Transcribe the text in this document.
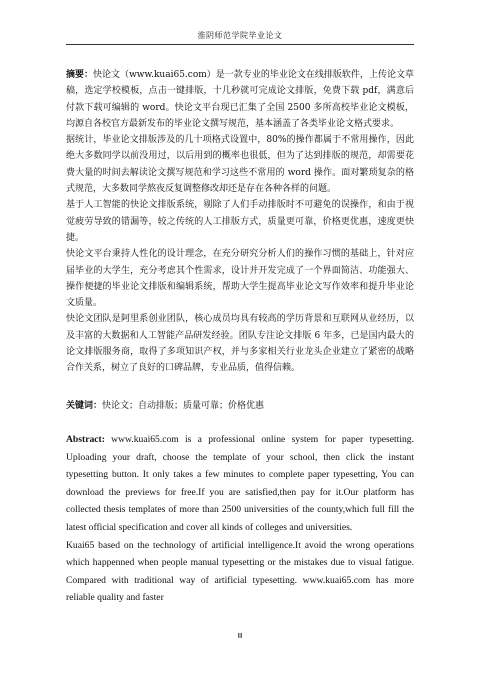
淮阴师范学院毕业论文

摘要：快论文（www.kuai65.com）是一款专业的毕业论文在线排版软件，上传论文草稿，选定学校模板，点击一键排版，十几秒就可完成论文排版，免费下载 pdf，满意后付款下载可编辑的 word。快论文平台现已汇集了全国 2500 多所高校毕业论文模板，均源自各校官方最新发布的毕业论文撰写规范，基本涵盖了各类毕业论文格式要求。

据统计，毕业论文排版涉及的几十项格式设置中，80%的操作都属于不常用操作，因此绝大多数同学以前没用过，以后用到的概率也很低，但为了达到排版的规范，却需要花费大量的时间去解读论文撰写规范和学习这些不常用的 word 操作。面对繁琐复杂的格式规范，大多数同学熬夜反复调整修改却还是存在各种各样的问题。

基于人工智能的快论文排版系统，剔除了人们手动排版时不可避免的误操作，和由于视觉疲劳导致的错漏等，较之传统的人工排版方式，质量更可靠，价格更优惠，速度更快捷。

快论文平台秉持人性化的设计理念，在充分研究分析人们的操作习惯的基础上，针对应届毕业的大学生，充分考虑其个性需求，设计并开发完成了一个界面简洁、功能强大、操作便捷的毕业论文排版和编辑系统，帮助大学生提高毕业论文写作效率和提升毕业论文质量。

快论文团队是阿里系创业团队，核心成员均具有较高的学历背景和互联网从业经历，以及丰富的大数据和人工智能产品研发经验。团队专注论文排版 6 年多，已是国内最大的论文排版服务商，取得了多项知识产权，并与多家相关行业龙头企业建立了紧密的战略合作关系，树立了良好的口碑品牌，专业品质，值得信赖。

关键词：快论文；自动排版；质量可靠；价格优惠

Abstract: www.kuai65.com is a professional online system for paper typesetting. Uploading your draft, choose the template of your school, then click the instant typesetting button. It only takes a few minutes to complete paper typesetting, You can download the previews for free.If you are satisfied,then pay for it.Our platform has collected thesis templates of more than 2500 universities of the county,which full fill the latest official specification and cover all kinds of colleges and universities.

Kuai65 based on the technology of artificial intelligence.It avoid the wrong operations which happenned when people manual typesetting or the mistakes due to visual fatigue. Compared with traditional way of artificial typesetting. www.kuai65.com has more reliable quality and faster

Ⅲ
